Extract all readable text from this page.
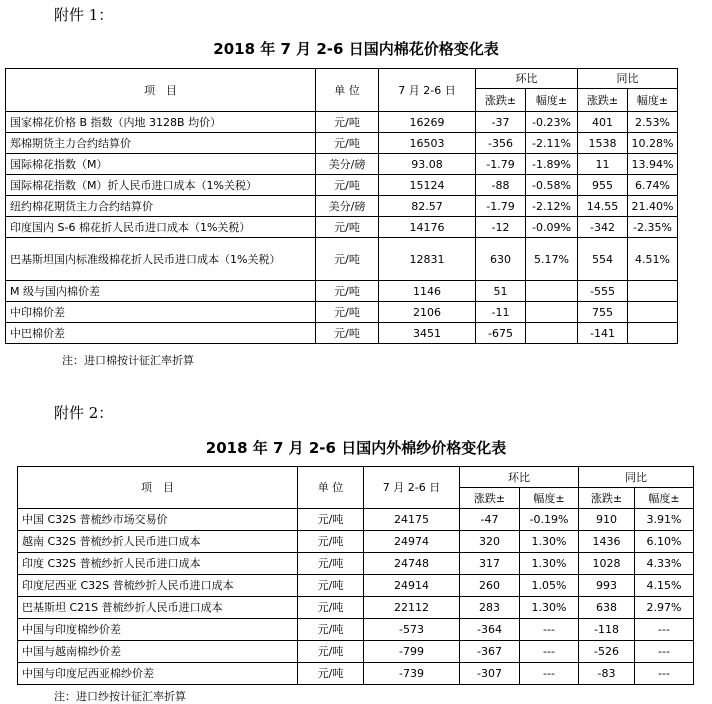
附件 1：
2018 年 7 月 2-6 日国内棉花价格变化表
项　目	单 位	7 月 2-6 日	环比		同比	
			涨跌±	幅度±	涨跌±	幅度±
国家棉花价格 B 指数（内地 3128B 均价）	元/吨	16269	-37	-0.23%	401	2.53%
郑棉期货主力合约结算价	元/吨	16503	-356	-2.11%	1538	10.28%
国际棉花指数（M）	美分/磅	93.08	-1.79	-1.89%	11	13.94%
国际棉花指数（M）折人民币进口成本（1%关税）	元/吨	15124	-88	-0.58%	955	6.74%
纽约棉花期货主力合约结算价	美分/磅	82.57	-1.79	-2.12%	14.55	21.40%
印度国内 S-6 棉花折人民币进口成本（1%关税）	元/吨	14176	-12	-0.09%	-342	-2.35%
巴基斯坦国内标准级棉花折人民币进口成本（1%关税）	元/吨	12831	630	5.17%	554	4.51%
M 级与国内棉价差	元/吨	1146	51		-555	
中印棉价差	元/吨	2106	-11		755	
中巴棉价差	元/吨	3451	-675		-141	
注：进口棉按计征汇率折算
附件 2：
2018 年 7 月 2-6 日国内外棉纱价格变化表
项　目	单 位	7 月 2-6 日	环比		同比	
			涨跌±	幅度±	涨跌±	幅度±
中国 C32S 普梳纱市场交易价	元/吨	24175	-47	-0.19%	910	3.91%
越南 C32S 普梳纱折人民币进口成本	元/吨	24974	320	1.30%	1436	6.10%
印度 C32S 普梳纱折人民币进口成本	元/吨	24748	317	1.30%	1028	4.33%
印度尼西亚 C32S 普梳纱折人民币进口成本	元/吨	24914	260	1.05%	993	4.15%
巴基斯坦 C21S 普梳纱折人民币进口成本	元/吨	22112	283	1.30%	638	2.97%
中国与印度棉纱价差	元/吨	-573	-364	---	-118	---
中国与越南棉纱价差	元/吨	-799	-367	---	-526	---
中国与印度尼西亚棉纱价差	元/吨	-739	-307	---	-83	---
注：进口纱按计征汇率折算
